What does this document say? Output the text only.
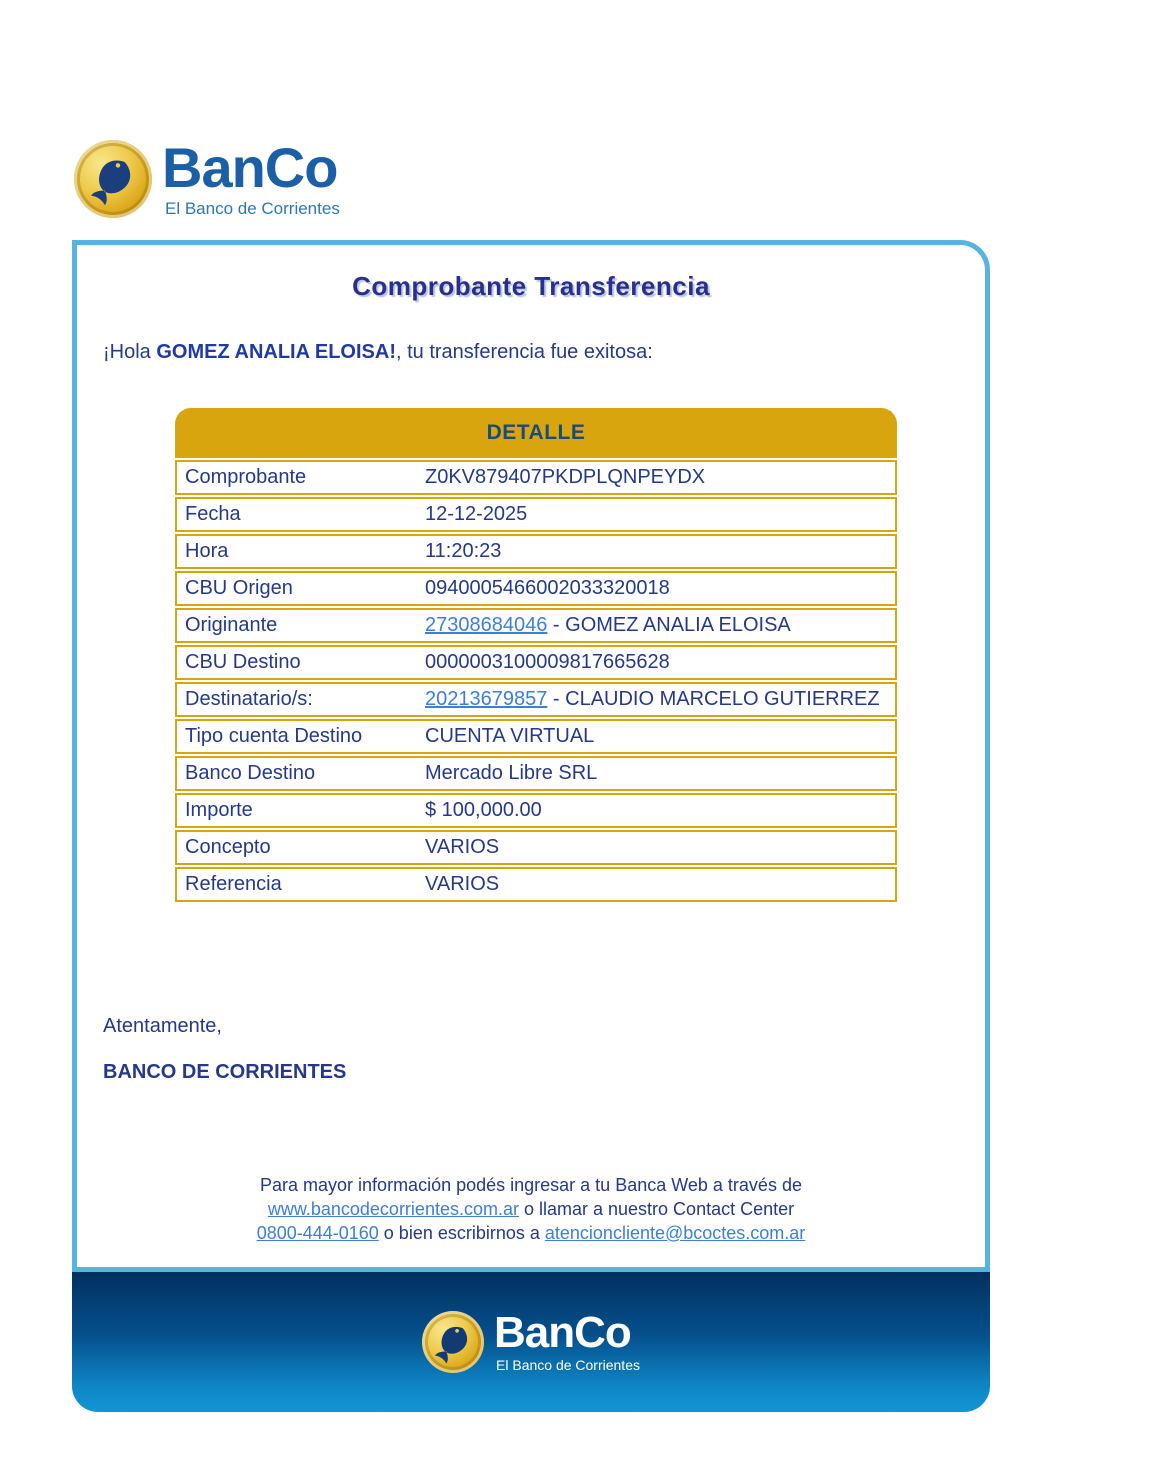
BanCo
El Banco de Corrientes
Comprobante Transferencia
¡Hola GOMEZ ANALIA ELOISA!, tu transferencia fue exitosa:
DETALLE
Comprobante	Z0KV879407PKDPLQNPEYDX
Fecha	12-12-2025
Hora	11:20:23
CBU Origen	0940005466002033320018
Originante	27308684046 - GOMEZ ANALIA ELOISA
CBU Destino	0000003100009817665628
Destinatario/s:	20213679857 - CLAUDIO MARCELO GUTIERREZ
Tipo cuenta Destino	CUENTA VIRTUAL
Banco Destino	Mercado Libre SRL
Importe	$ 100,000.00
Concepto	VARIOS
Referencia	VARIOS
Atentamente,
BANCO DE CORRIENTES
Para mayor información podés ingresar a tu Banca Web a través de
www.bancodecorrientes.com.ar o llamar a nuestro Contact Center
0800-444-0160 o bien escribirnos a atencioncliente@bcoctes.com.ar
BanCo
El Banco de Corrientes
